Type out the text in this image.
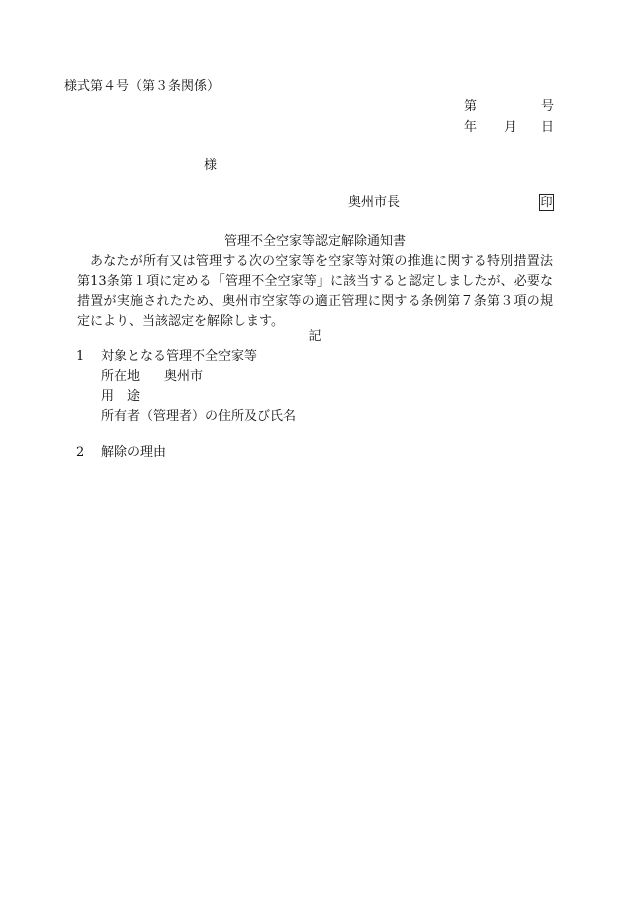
様式第４号（第３条関係）
第	号
年 月 日
様
奥州市長	印
管理不全空家等認定解除通知書
あなたが所有又は管理する次の空家等を空家等対策の推進に関する特別措置法第13条第１項に定める「管理不全空家等」に該当すると認定しましたが、必要な措置が実施されたため、奥州市空家等の適正管理に関する条例第７条第３項の規定により、当該認定を解除します。
記
1 対象となる管理不全空家等
所在地 奥州市
用　途
所有者（管理者）の住所及び氏名
2 解除の理由
